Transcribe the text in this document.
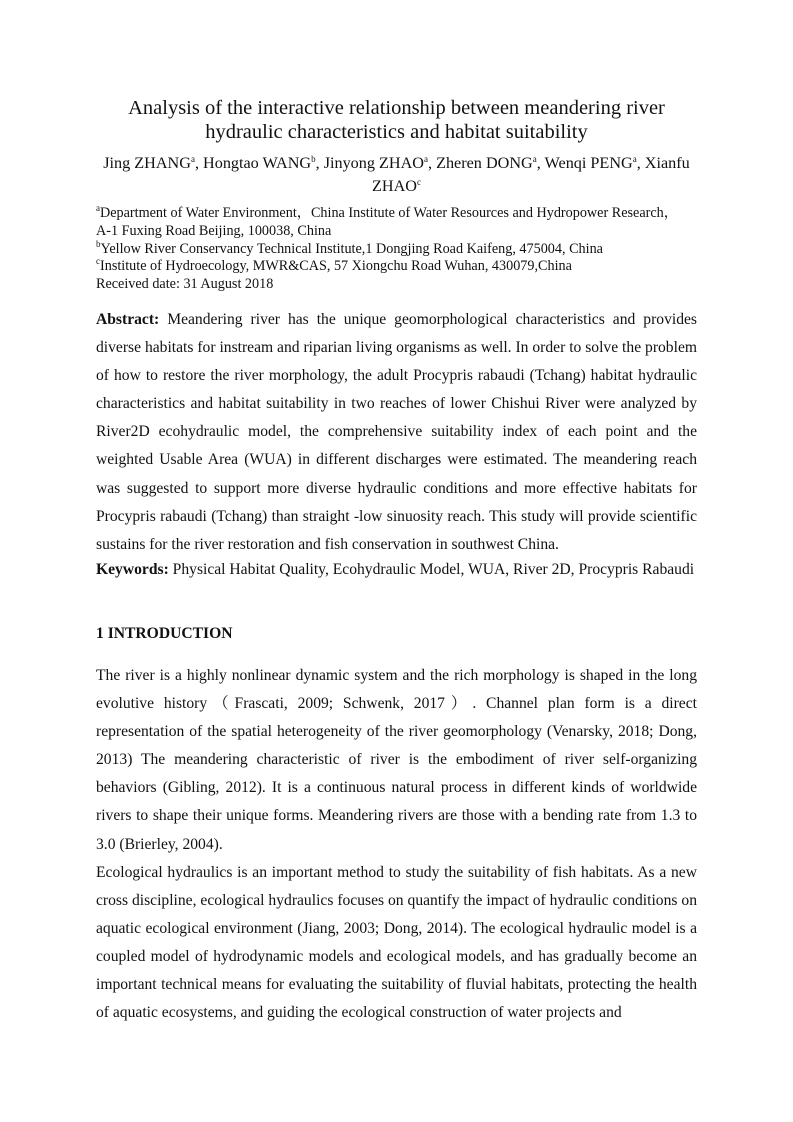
Analysis of the interactive relationship between meandering river
hydraulic characteristics and habitat suitability
Jing ZHANG$^a$, Hongtao WANG$^b$, Jinyong ZHAO$^a$, Zheren DONG$^a$, Wenqi PENG$^a$, Xianfu ZHAO$^c$
$^a$Department of Water Environment，China Institute of Water Resources and Hydropower Research，
A-1 Fuxing Road Beijing, 100038, China
$^b$Yellow River Conservancy Technical Institute,1 Dongjing Road Kaifeng, 475004, China
$^c$Institute of Hydroecology, MWR&CAS, 57 Xiongchu Road Wuhan, 430079,China
Received date: 31 August 2018

Abstract: Meandering river has the unique geomorphological characteristics and provides diverse habitats for instream and riparian living organisms as well. In order to solve the problem of how to restore the river morphology, the adult Procypris rabaudi (Tchang) habitat hydraulic characteristics and habitat suitability in two reaches of lower Chishui River were analyzed by River2D ecohydraulic model, the comprehensive suitability index of each point and the weighted Usable Area (WUA) in different discharges were estimated. The meandering reach was suggested to support more diverse hydraulic conditions and more effective habitats for Procypris rabaudi (Tchang) than straight -low sinuosity reach. This study will provide scientific sustains for the river restoration and fish conservation in southwest China.

Keywords: Physical Habitat Quality, Ecohydraulic Model, WUA, River 2D, Procypris Rabaudi
1 INTRODUCTION

The river is a highly nonlinear dynamic system and the rich morphology is shaped in the long evolutive history（Frascati, 2009; Schwenk, 2017）. Channel plan form is a direct representation of the spatial heterogeneity of the river geomorphology (Venarsky, 2018; Dong, 2013) The meandering characteristic of river is the embodiment of river self-organizing behaviors (Gibling, 2012). It is a continuous natural process in different kinds of worldwide rivers to shape their unique forms. Meandering rivers are those with a bending rate from 1.3 to 3.0 (Brierley, 2004).

Ecological hydraulics is an important method to study the suitability of fish habitats. As a new cross discipline, ecological hydraulics focuses on quantify the impact of hydraulic conditions on aquatic ecological environment (Jiang, 2003; Dong, 2014). The ecological hydraulic model is a coupled model of hydrodynamic models and ecological models, and has gradually become an important technical means for evaluating the suitability of fluvial habitats, protecting the health of aquatic ecosystems, and guiding the ecological construction of water projects and
